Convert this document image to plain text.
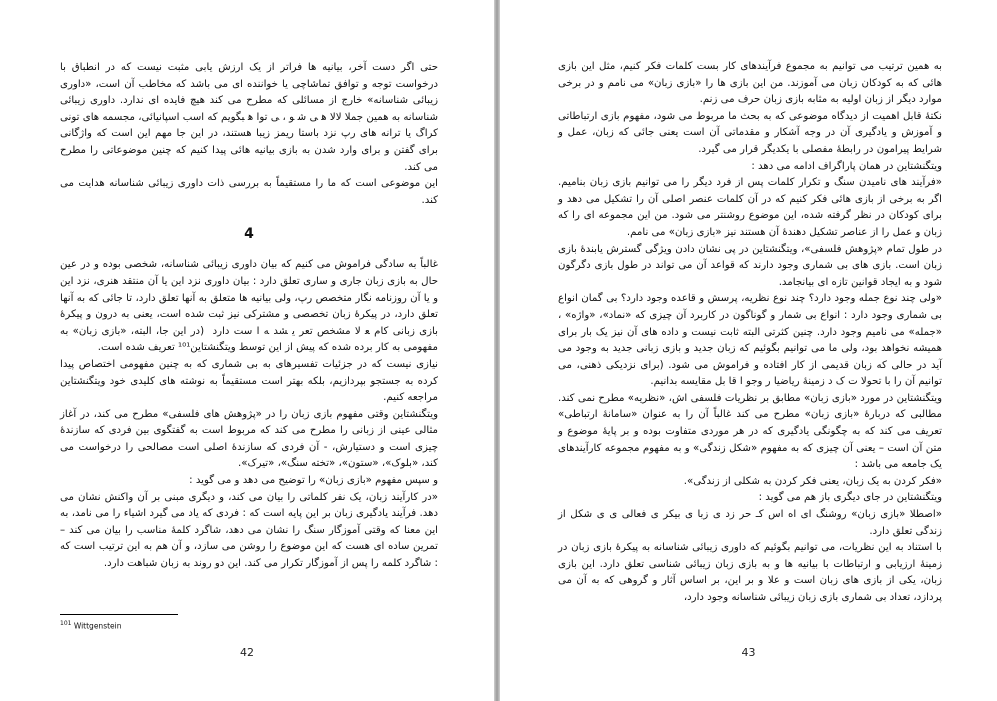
حتی اگر دست آخر، بیانیه ها فراتر از یک ارزش یابی مثبت نیست که در انطباق با درخواست توجه و توافق تماشاچی یا خواننده ای می باشد که مخاطب آن است، «داوری زیبائی شناسانه» خارج از مسائلی که مطرح می کند هیچ فایده ای ندارد. داوری زیبائی شناسانه به همین جملا ﻻﻻ ﻫ ﯽ ﺷ ﻮ ، ﯽ ﺗﻮا ﻫ ﺒﮕﻮﯾﻢ که اسب اسپانیائی، مجسمه های تونی کراگ یا ترانه های رپ نزد باستا ریمز زیبا هستند، در این جا مهم این است که واژگانی برای گفتن و برای وارد شدن به بازی بیانیه هائی پیدا کنیم که چنین موضوعاتی را مطرح می کند.

این موضوعی است که ما را مستقیماً به بررسی ذات داوری زیبائی شناسانه هدایت می کند.

4

غالباً به سادگی فراموش می کنیم که بیان داوری زیبائی شناسانه، شخصی بوده و در عین حال به بازی زبان جاری و ساری تعلق دارد : بیان داوری نزد این یا آن منتقد هنری، نزد این و یا آن روزنامه نگار متخصص رپ، ولی بیانیه ها متعلق به آنها تعلق دارد، تا جائی که به آنها تعلق دارد، در پیکرهٔ زبان تخصصی و مشترکی نیز ثبت شده است، یعنی به درون و پیکرهٔ بازی زبانی کام ﻌ ﻻ ﻣﺸﺨﺺ ﺗﻌﺮ ﯾ ﺸﺪ ﻪ ا ﺳﺖ دارد ‏ (در این جا، البته، «بازی زبان» به مفهومی به کار برده شده که پیش از این توسط ویتگنشتاین¹⁰¹ تعریف شده است.

نیازی نیست که در جزئیات تفسیرهای به بی شماری که به چنین مفهومی اختصاص پیدا کرده به جستجو بپردازیم، بلکه بهتر است مستقیماً به نوشته های کلیدی خود ویتگنشتاین مراجعه کنیم.

ویتگنشتاین وقتی مفهوم بازی زبان را در «پژوهش های فلسفی» مطرح می کند، در آغاز مثالی عینی از زبانی را مطرح می کند که مربوط است به گفتگوی بین فردی که سازندهٔ چیزی است و دستیارش، - آن فردی که سازندهٔ اصلی است مصالحی را درخواست می کند، «بلوک»، «ستون»، «تخته سنگ»، «تیرک».

و سپس مفهوم «بازی زبان» را توضیح می دهد و می گوید :

«در کارآیند زبان، یک نفر کلماتی را بیان می کند، و دیگری مبنی بر آن واکنش نشان می دهد. فرآیند یادگیری زبان بر این پایه است که : فردی که یاد می گیرد اشیاء را می نامد، به این معنا که وقتی آموزگار سنگ را نشان می دهد، شاگرد کلمهٔ مناسب را بیان می کند – تمرین ساده ای هست که این موضوع را روشن می سازد، و آن هم به این ترتیب است که : شاگرد کلمه را پس از آموزگار تکرار می کند. این دو روند به زبان شباهت دارد.

$^{101}$ Wittgenstein
42

به همین ترتیب می توانیم به مجموع فرآیندهای کار بست کلمات فکر کنیم، مثل این بازی هائی که به کودکان زبان می آموزند. من این بازی ها را «بازی زبان» می نامم و در برخی موارد دیگر از زبان اولیه به مثابه بازی زبان حرف می زنم.

نکتهٔ قابل اهمیت از دیدگاه موضوعی که به بحث ما مربوط می شود، مفهوم بازی ارتباطاتی و آموزش و یادگیری آن در وجه آشکار و مقدماتی آن است یعنی جائی که زبان، عمل و شرایط پیرامون در رابطهٔ مفصلی با یکدیگر قرار می گیرد.

ویتگنشتاین در همان پاراگراف ادامه می دهد :

«فرآیند های نامیدن سنگ و تکرار کلمات پس از فرد دیگر را می توانیم بازی زبان بنامیم. اگر به برخی از بازی هائی فکر کنیم که در آن کلمات عنصر اصلی آن را تشکیل می دهد و برای کودکان در نظر گرفته شده، این موضوع روشنتر می شود. من این مجموعه ای را که زبان و عمل را از عناصر تشکیل دهندهٔ آن هستند نیز «بازی زبان» می نامم.

در طول تمام «پژوهش فلسفی»، ویتگنشتاین در پی نشان دادن ویژگی گسترش یابندهٔ بازی زبان است. بازی های بی شماری وجود دارند که قواعد آن می تواند در طول بازی دگرگون شود و به ایجاد قوانین تازه ای بیانجامد.

«ولی چند نوع جمله وجود دارد؟ چند نوع نظریه، پرسش و قاعده وجود دارد؟ بی گمان انواع بی شماری وجود دارد : انواع بی شمار و گوناگون در کاربرد آن چیزی که «نماد»، «واژه» ، «جمله» می نامیم وجود دارد. چنین کثرتی البته ثابت نیست و داده های آن نیز یک بار برای همیشه نخواهد بود، ولی ما می توانیم بگوئیم که زبان جدید و بازی زبانی جدید به وجود می آید در حالی که زبان قدیمی از کار افتاده و فراموش می شود. (برای نزدیکی ذهنی، می توانیم آن را با تحولا ت ک د زمینهٔ ریاضیا ر وجو ا ﻗﺎ ﺑﻞ ﻣﻘﺎﯾﺴﻪ بدانیم.

ویتگنشتاین در مورد «بازی زبان» مطابق بر نظریات فلسفی اش، «نظریه» مطرح نمی کند. مطالبی که دربارهٔ «بازی زبان» مطرح می کند غالباً آن را به عنوان «سامانهٔ ارتباطی» تعریف می کند که به چگونگی یادگیری که در هر موردی متفاوت بوده و بر پایهٔ موضوع و متن آن است – یعنی آن چیزی که به مفهوم «شکل زندگی» و به مفهوم مجموعه کارآیندهای یک جامعه می باشد :

«فکر کردن به یک زبان، یعنی فکر کردن به شکلی از زندگی».

ویتگنشتاین در جای دیگری باز هم می گوید :

«اصطلا «بازی زبان» روشنگ ای اه اس کـ حر زد ی زبا ی بیکر ی فعالی ی ی شکل از زندگی تعلق دارد.

با استناد به این نظریات، می توانیم بگوئیم که داوری زیبائی شناسانه به پیکرهٔ بازی زبان در زمینهٔ ارزیابی و ارتباطات با بیانیه ها و به بازی زبان زیبائی شناسی تعلق دارد. این بازی زبان، یکی از بازی های زبان است و علا و بر این، بر اساس آثار و گروهی که به آن می پردازد، تعداد بی شماری بازی زبان زیبائی شناسانه وجود دارد،

43
